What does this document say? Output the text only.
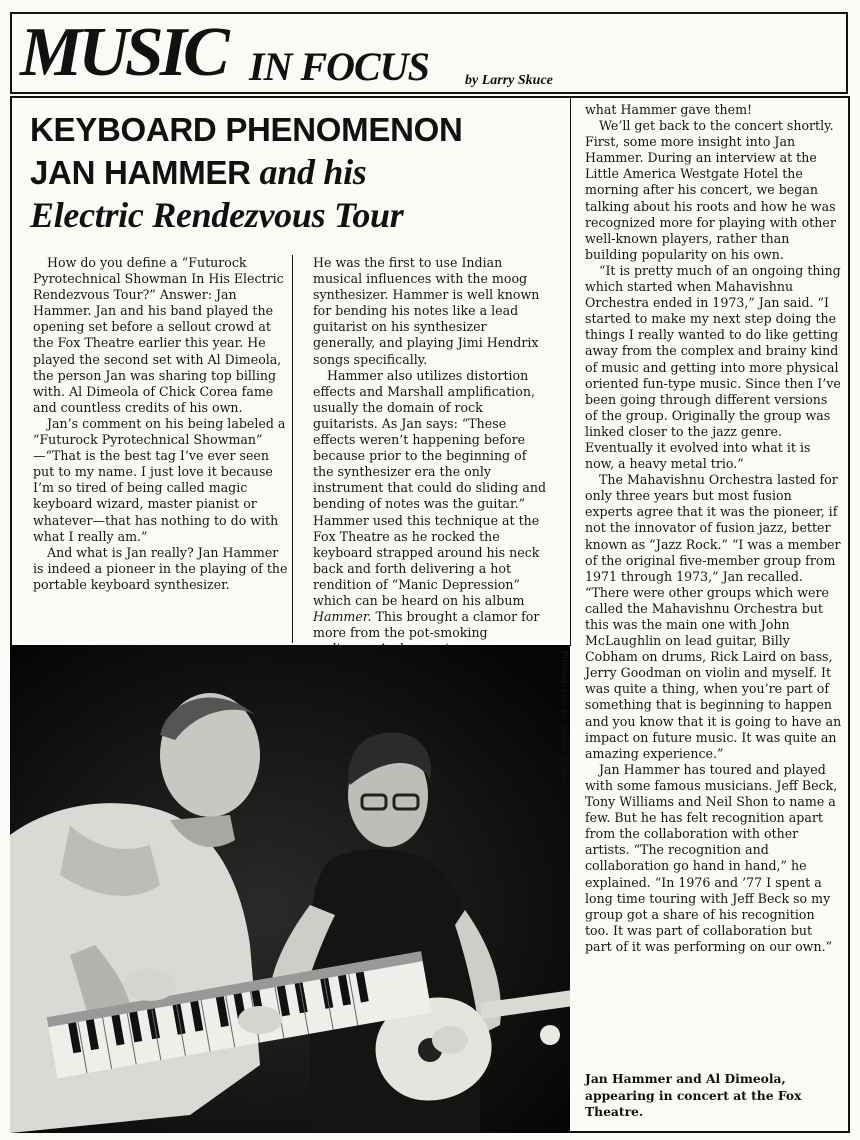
MUSIC IN FOCUS	by Larry Skuce
KEYBOARD PHENOMENON
JAN HAMMER and his
Electric Rendezvous Tour

How do you define a “Futurock Pyrotechnical Showman In His Electric Rendezvous Tour?” Answer: Jan Hammer. Jan and his band played the opening set before a sellout crowd at the Fox Theatre earlier this year. He played the second set with Al Dimeola, the person Jan was sharing top billing with. Al Dimeola of Chick Corea fame and countless credits of his own.

Jan’s comment on his being labeled a “Futurock Pyrotechnical Showman” —“That is the best tag I’ve ever seen put to my name. I just love it because I’m so tired of being called magic keyboard wizard, master pianist or whatever—that has nothing to do with what I really am.”

And what is Jan really? Jan Hammer is indeed a pioneer in the playing of the portable keyboard synthesizer.

He was the first to use Indian musical influences with the moog synthesizer. Hammer is well known for bending his notes like a lead guitarist on his synthesizer generally, and playing Jimi Hendrix songs specifically.

Hammer also utilizes distortion effects and Marshall amplification, usually the domain of rock guitarists. As Jan says: “These effects weren’t happening before because prior to the beginning of the synthesizer era the only instrument that could do sliding and bending of notes was the guitar.” Hammer used this technique at the Fox Theatre as he rocked the keyboard strapped around his neck back and forth delivering a hot rendition of “Manic Depression” which can be heard on his album Hammer. This brought a clamor for more from the pot-smoking

what Hammer gave them!

We’ll get back to the concert shortly. First, some more insight into Jan Hammer. During an interview at the Little America Westgate Hotel the morning after his concert, we began talking about his roots and how he was recognized more for playing with other well-known players, rather than building popularity on his own.

“It is pretty much of an ongoing thing which started when Mahavishnu Orchestra ended in 1973,” Jan said. “I started to make my next step doing the things I really wanted to do like getting away from the complex and brainy kind of music and getting into more physical oriented fun-type music. Since then I’ve been going through different versions of the group. Originally the group was linked closer to the jazz genre. Eventually it evolved into what it is now, a heavy metal trio.”

The Mahavishnu Orchestra lasted for only three years but most fusion experts agree that it was the pioneer, if not the innovator of fusion jazz, better known as “Jazz Rock.” “I was a member of the original five-member group from 1971 through 1973,” Jan recalled. “There were other groups which were called the Mahavishnu Orchestra but this was the main one with John McLaughlin on lead guitar, Billy Cobham on drums, Rick Laird on bass, Jerry Goodman on violin and myself. It was quite a thing, when you’re part of something that is beginning to happen and you know that it is going to have an impact on future music. It was quite an amazing experience.”

Jan Hammer has toured and played with some famous musicians. Jeff Beck, Tony Williams and Neil Shon to name a few. But he has felt recognition apart from the collaboration with other artists. “The recognition and collaboration go hand in hand,” he explained. “In 1976 and ’77 I spent a long time touring with Jeff Beck so my group got a share of his recognition too. It was part of collaboration but part of it was performing on our own.”

Jan Hammer and Al Dimeola, appearing in concert at the Fox Theatre.
Photograph by Dainis Kiperts
